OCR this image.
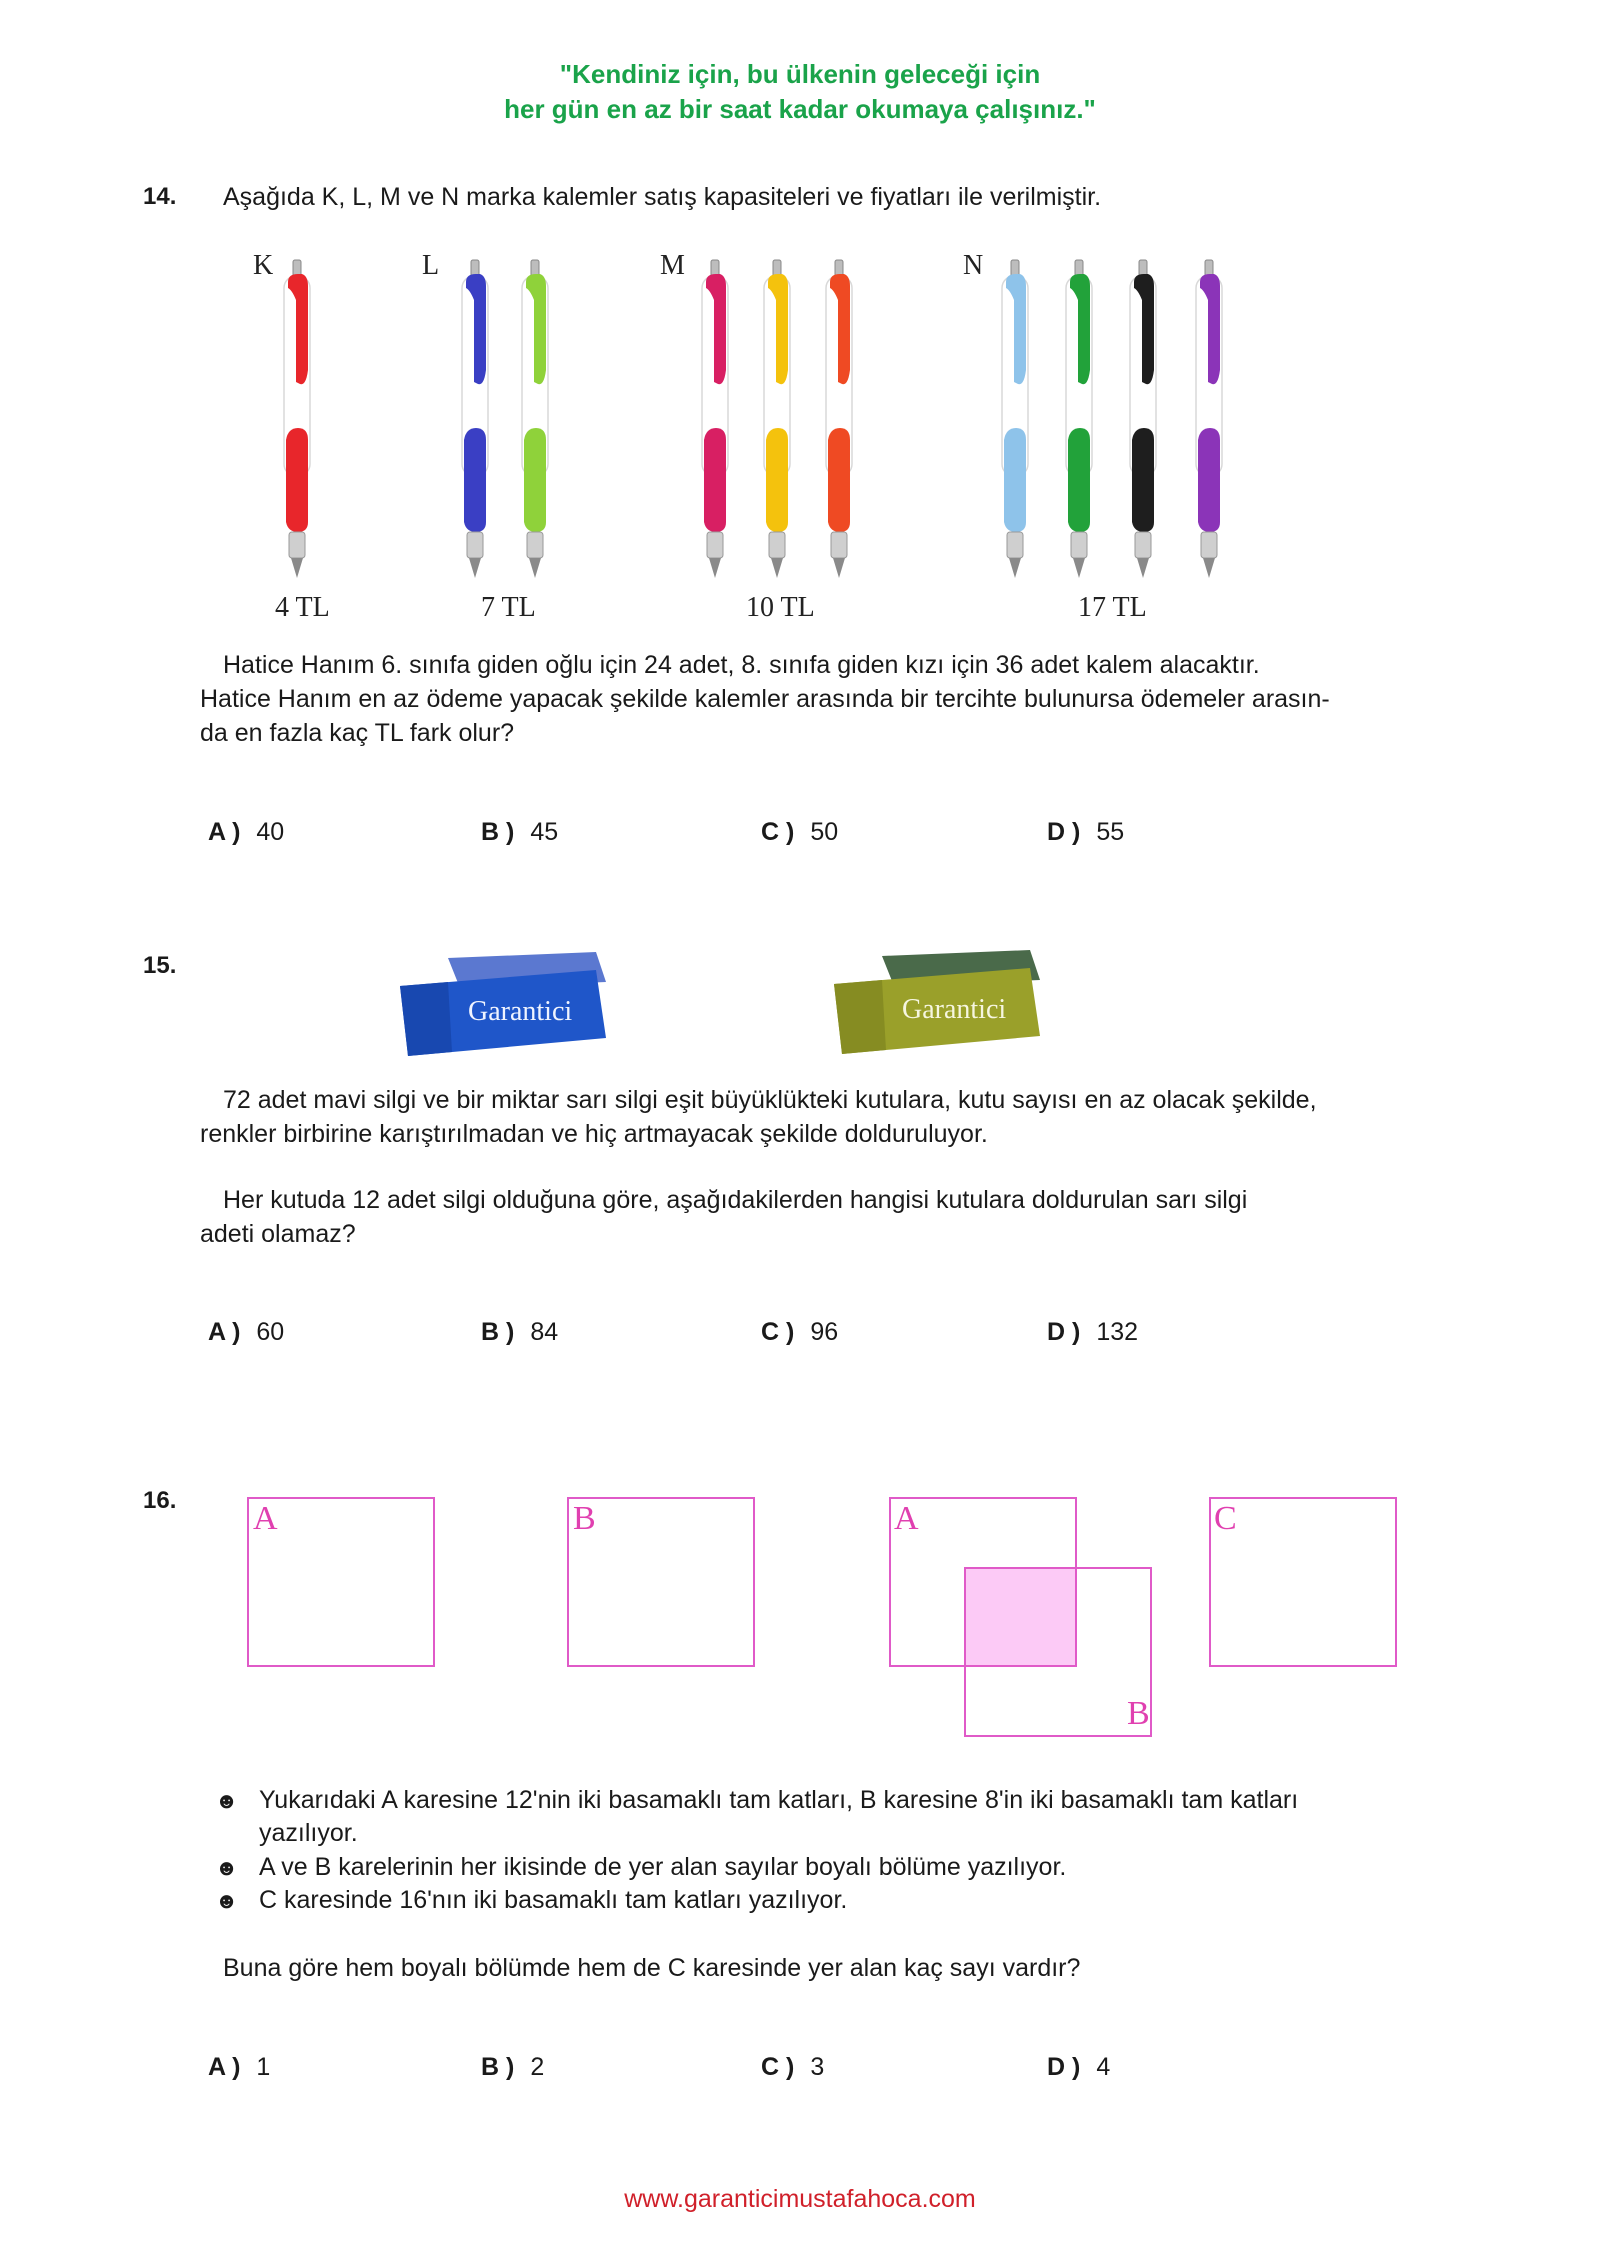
"Kendiniz için, bu ülkenin geleceği için
her gün en az bir saat kadar okumaya çalışınız."
14. Aşağıda K, L, M ve N marka kalemler satış kapasiteleri ve fiyatları ile verilmiştir.
K	L	M	N
4 TL	7 TL	10 TL	17 TL
Hatice Hanım 6. sınıfa giden oğlu için 24 adet, 8. sınıfa giden kızı için 36 adet kalem alacaktır.
Hatice Hanım en az ödeme yapacak şekilde kalemler arasında bir tercihte bulunursa ödemeler arasın-
da en fazla kaç TL fark olur?
A ) 40	B ) 45	C ) 50	D ) 55
15.
Garantici	Garantici
72 adet mavi silgi ve bir miktar sarı silgi eşit büyüklükteki kutulara, kutu sayısı en az olacak şekilde,
renkler birbirine karıştırılmadan ve hiç artmayacak şekilde dolduruluyor.
Her kutuda 12 adet silgi olduğuna göre, aşağıdakilerden hangisi kutulara doldurulan sarı silgi
adeti olamaz?
A ) 60	B ) 84	C ) 96	D ) 132
16. A	B	A
B
C
☻ Yukarıdaki A karesine 12'nin iki basamaklı tam katları, B karesine 8'in iki basamaklı tam katları
yazılıyor.
☻ A ve B karelerinin her ikisinde de yer alan sayılar boyalı bölüme yazılıyor.
☻ C karesinde 16'nın iki basamaklı tam katları yazılıyor.
Buna göre hem boyalı bölümde hem de C karesinde yer alan kaç sayı vardır?
A ) 1	B ) 2	C ) 3	D ) 4
www.garanticimustafahoca.com
